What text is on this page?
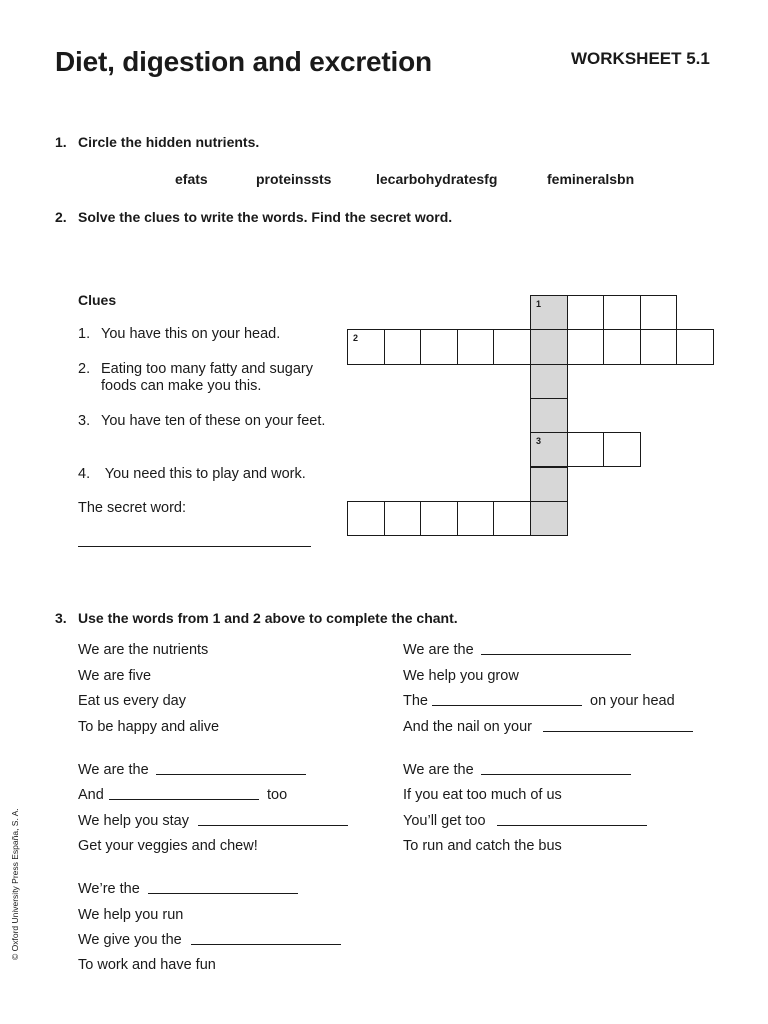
Diet, digestion and excretion	WORKSHEET 5.1
1. Circle the hidden nutrients.
efats	proteinssts	lecarbohydratesfg	femineralsbn
2. Solve the clues to write the words. Find the secret word.
Clues
1. You have this on your head.
2. Eating too many fatty and sugary foods can make you this.
3. You have ten of these on your feet.
4. You need this to play and work.
The secret word:
1
2
3
3. Use the words from 1 and 2 above to complete the chant.
We are the nutrients
We are five
Eat us every day
To be happy and alive
We are the
And	too
We help you stay
Get your veggies and chew!
We’re the
We help you run
We give you the
To work and have fun
We are the
We help you grow
The	on your head
And the nail on your
We are the
If you eat too much of us
You’ll get too
To run and catch the bus
© Oxford University Press España, S. A.
